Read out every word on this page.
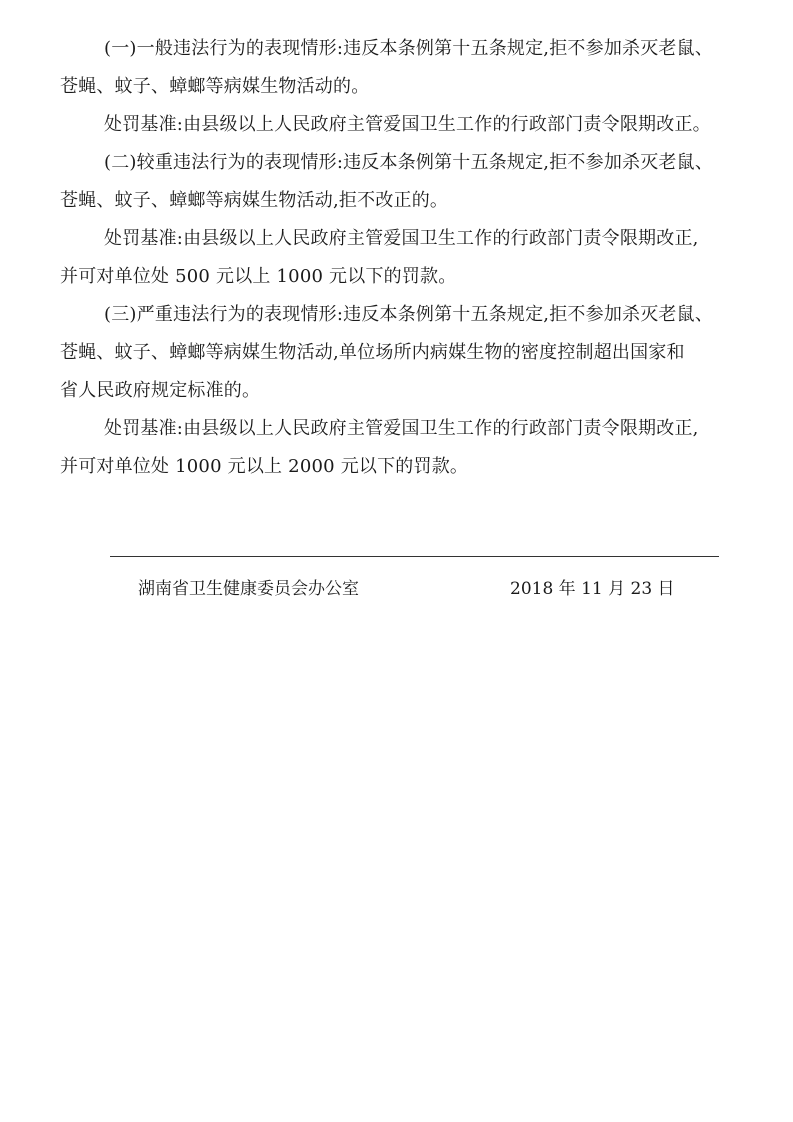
(一)一般违法行为的表现情形:违反本条例第十五条规定,拒不参加杀灭老鼠、
苍蝇、蚊子、蟑螂等病媒生物活动的。

处罚基准:由县级以上人民政府主管爱国卫生工作的行政部门责令限期改正。

(二)较重违法行为的表现情形:违反本条例第十五条规定,拒不参加杀灭老鼠、
苍蝇、蚊子、蟑螂等病媒生物活动,拒不改正的。

处罚基准:由县级以上人民政府主管爱国卫生工作的行政部门责令限期改正,
并可对单位处 500 元以上 1000 元以下的罚款。

(三)严重违法行为的表现情形:违反本条例第十五条规定,拒不参加杀灭老鼠、
苍蝇、蚊子、蟑螂等病媒生物活动,单位场所内病媒生物的密度控制超出国家和
省人民政府规定标准的。

处罚基准:由县级以上人民政府主管爱国卫生工作的行政部门责令限期改正,
并可对单位处 1000 元以上 2000 元以下的罚款。

湖南省卫生健康委员会办公室	2018 年 11 月 23 日
